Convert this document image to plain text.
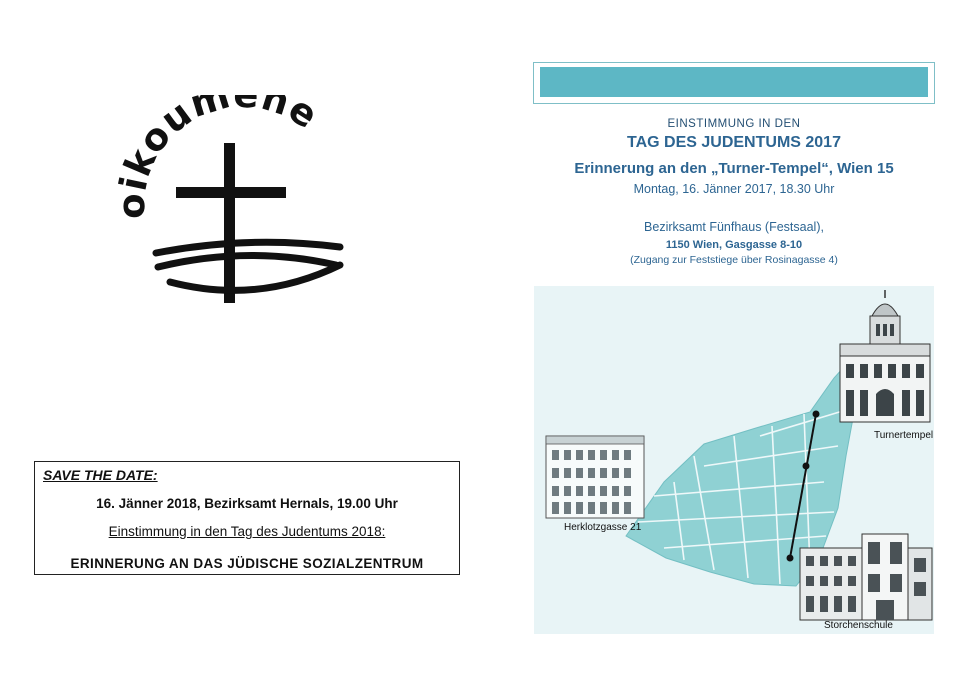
koum ne
SAVE THE DATE:
16. Jänner 2018, Bezirksamt Hernals, 19.00 Uhr
Einstimmung in den Tag des Judentums 2018:
ERINNERUNG AN DAS JÜDISCHE SOZIALZENTRUM
EINSTIMMUNG IN DEN
TAG DES JUDENTUMS 2017
Erinnerung an den „Turner-Tempel“, Wien 15
Montag, 16. Jänner 2017, 18.30 Uhr
Bezirksamt Fünfhaus (Festsaal),
1150 Wien, Gasgasse 8-10
(Zugang zur Feststiege über Rosinagasse 4)
Herklotzgasse 21
Turnertempel
Storchenschule
